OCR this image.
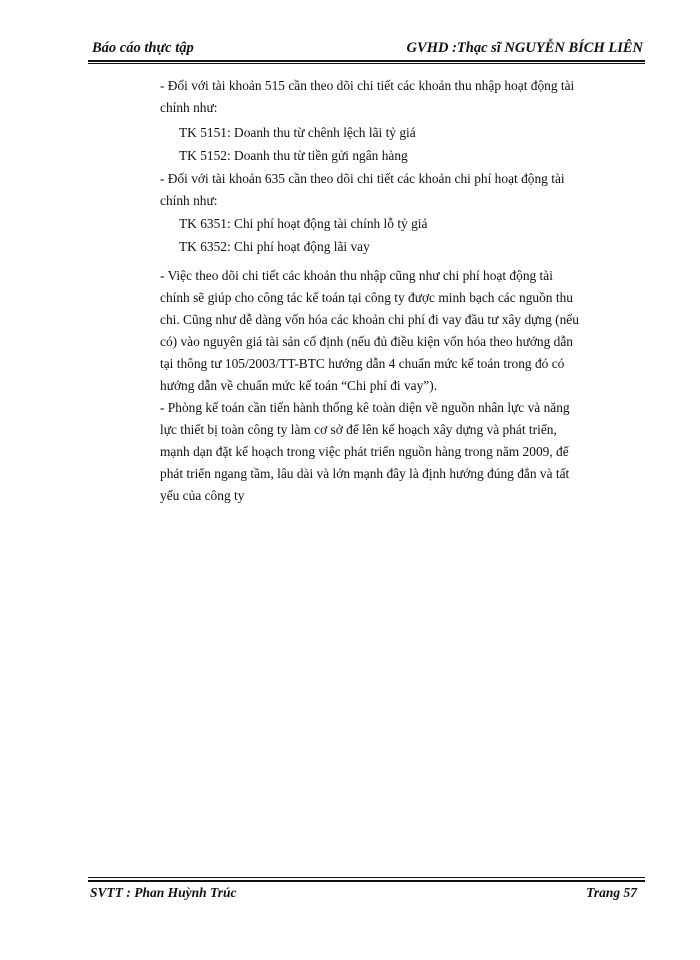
Báo cáo thực tập	GVHD :Thạc sĩ NGUYỄN BÍCH LIÊN
- Đối với tài khoản 515 cần theo dõi chi tiết các khoản thu nhập hoạt động tài
chính như:
TK 5151: Doanh thu từ chênh lệch lãi tỷ giá
TK 5152: Doanh thu từ tiền gửi ngân hàng
- Đối với tài khoản 635 cần theo dõi chi tiết các khoản chi phí hoạt động tài
chính như:
TK 6351: Chi phí hoạt động tài chính lỗ tỷ giá
TK 6352: Chi phí hoạt động lãi vay
- Việc theo dõi chi tiết các khoản thu nhập cũng như chi phí hoạt động tài
chính sẽ giúp cho công tác kế toán tại công ty được minh bạch các nguồn thu
chi. Cũng như dễ dàng vốn hóa các khoản chi phí đi vay đầu tư xây dựng (nếu
có) vào nguyên giá tài sản cố định (nếu đủ điều kiện vốn hóa theo hướng dẫn
tại thông tư 105/2003/TT-BTC hướng dẫn 4 chuẩn mức kế toán trong đó có
hướng dẫn về chuẩn mức kế toán “Chi phí đi vay”).
- Phòng kế toán cần tiến hành thống kê toàn diện về nguồn nhân lực và năng
lực thiết bị toàn công ty làm cơ sở để lên kế hoạch xây dựng và phát triển,
mạnh dạn đặt kế hoạch trong việc phát triển nguồn hàng trong năm 2009, để
phát triển ngang tầm, lâu dài và lớn mạnh đây là định hướng đúng đắn và tất
yếu của công ty
SVTT : Phan Huỳnh Trúc	Trang 57
